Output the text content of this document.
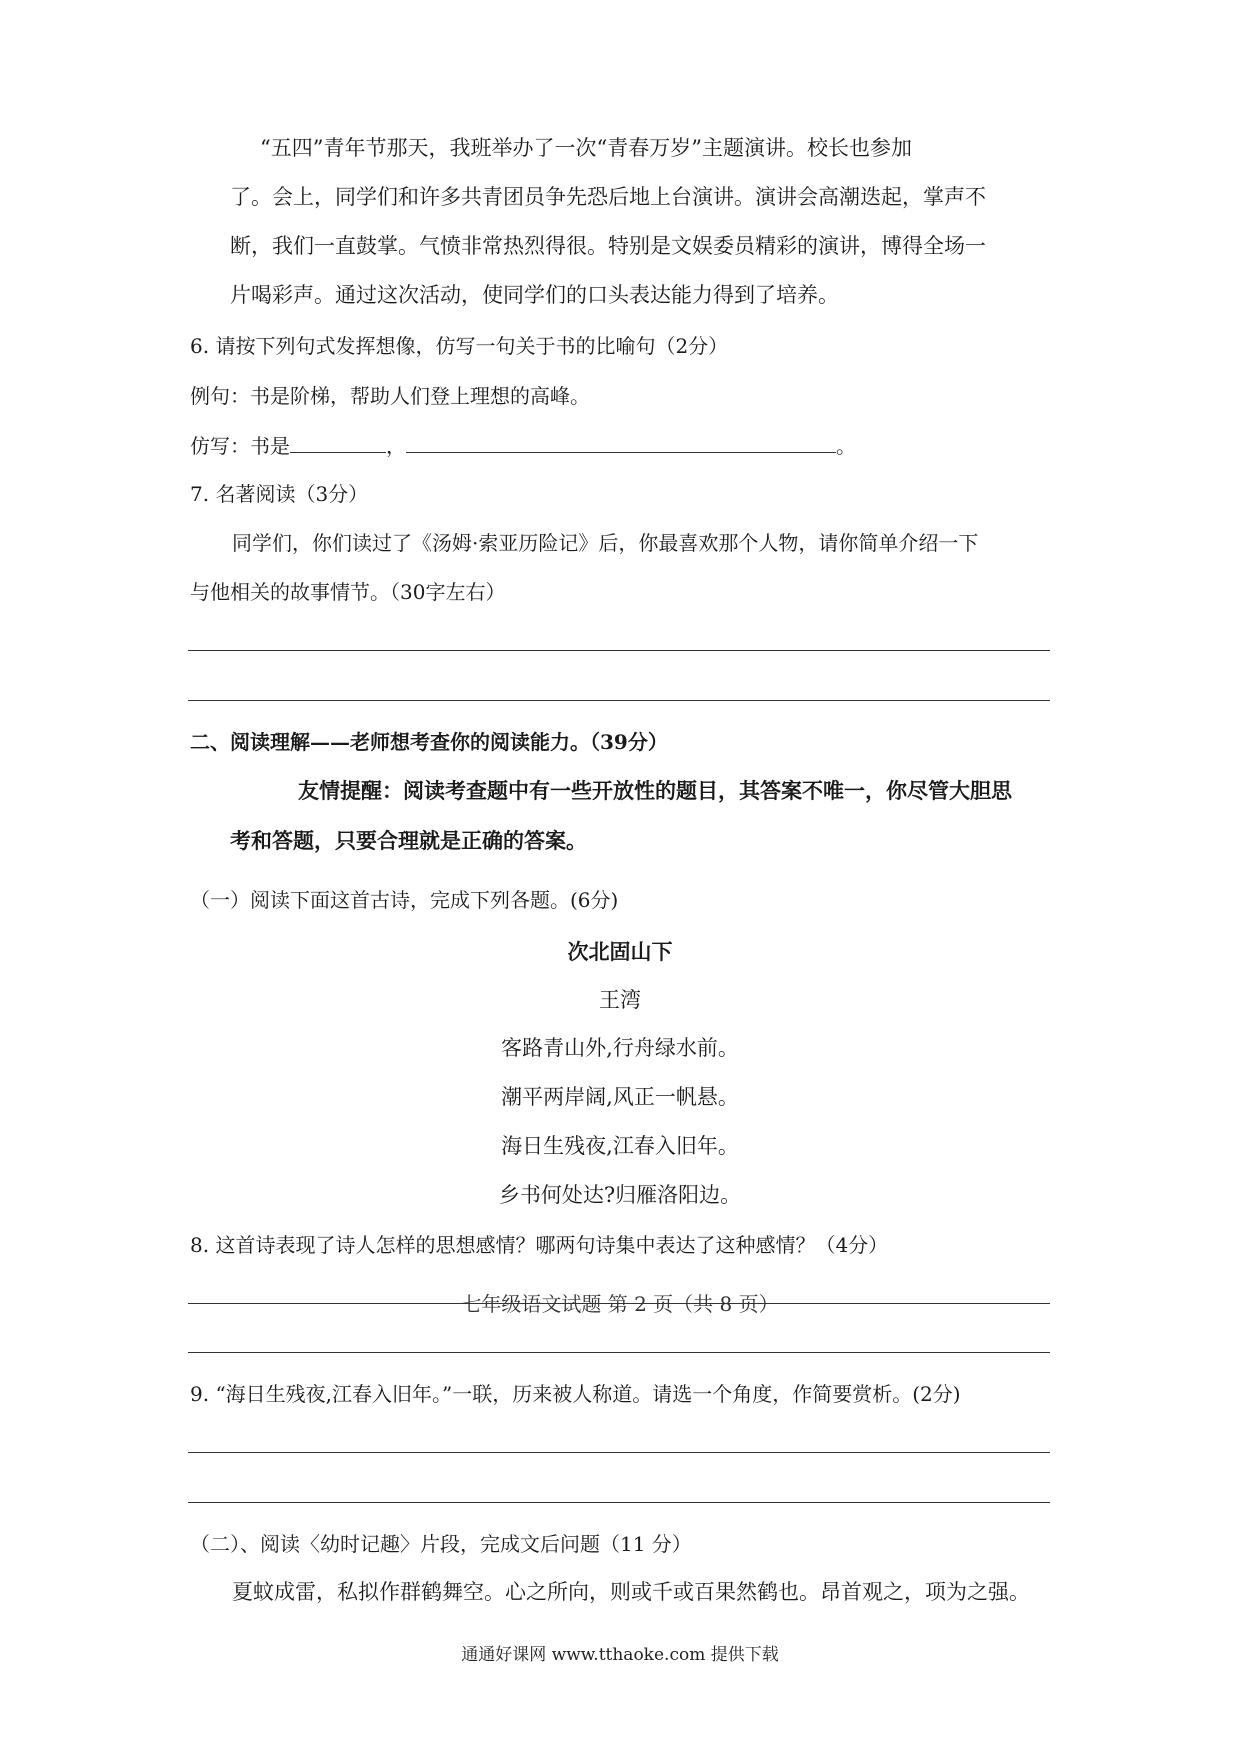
“五四”青年节那天，我班举办了一次“青春万岁”主题演讲。校长也参加
了。会上，同学们和许多共青团员争先恐后地上台演讲。演讲会高潮迭起，掌声不
断，我们一直鼓掌。气愤非常热烈得很。特别是文娱委员精彩的演讲，博得全场一
片喝彩声。通过这次活动，使同学们的口头表达能力得到了培养。
6. 请按下列句式发挥想像，仿写一句关于书的比喻句（2分）
例句：书是阶梯，帮助人们登上理想的高峰。
仿写：书是	，	。
7. 名著阅读（3分）
同学们，你们读过了《汤姆·索亚历险记》后，你最喜欢那个人物，请你简单介绍一下
与他相关的故事情节。（30字左右）
二、阅读理解——老师想考查你的阅读能力。（39分）
友情提醒：阅读考查题中有一些开放性的题目，其答案不唯一，你尽管大胆思
考和答题，只要合理就是正确的答案。
（一）阅读下面这首古诗，完成下列各题。(6分)
次北固山下
王湾
客路青山外,行舟绿水前。
潮平两岸阔,风正一帆悬。
海日生残夜,江春入旧年。
乡书何处达?归雁洛阳边。
8. 这首诗表现了诗人怎样的思想感情？哪两句诗集中表达了这种感情？（4分）
七年级语文试题 第 2 页（共 8 页）
9. “海日生残夜,江春入旧年。”一联，历来被人称道。请选一个角度，作简要赏析。(2分)
（二）、阅读〈幼时记趣〉片段，完成文后问题（11 分）
夏蚊成雷，私拟作群鹤舞空。心之所向，则或千或百果然鹤也。昂首观之，项为之强。
通通好课网 www.tthaoke.com 提供下载
